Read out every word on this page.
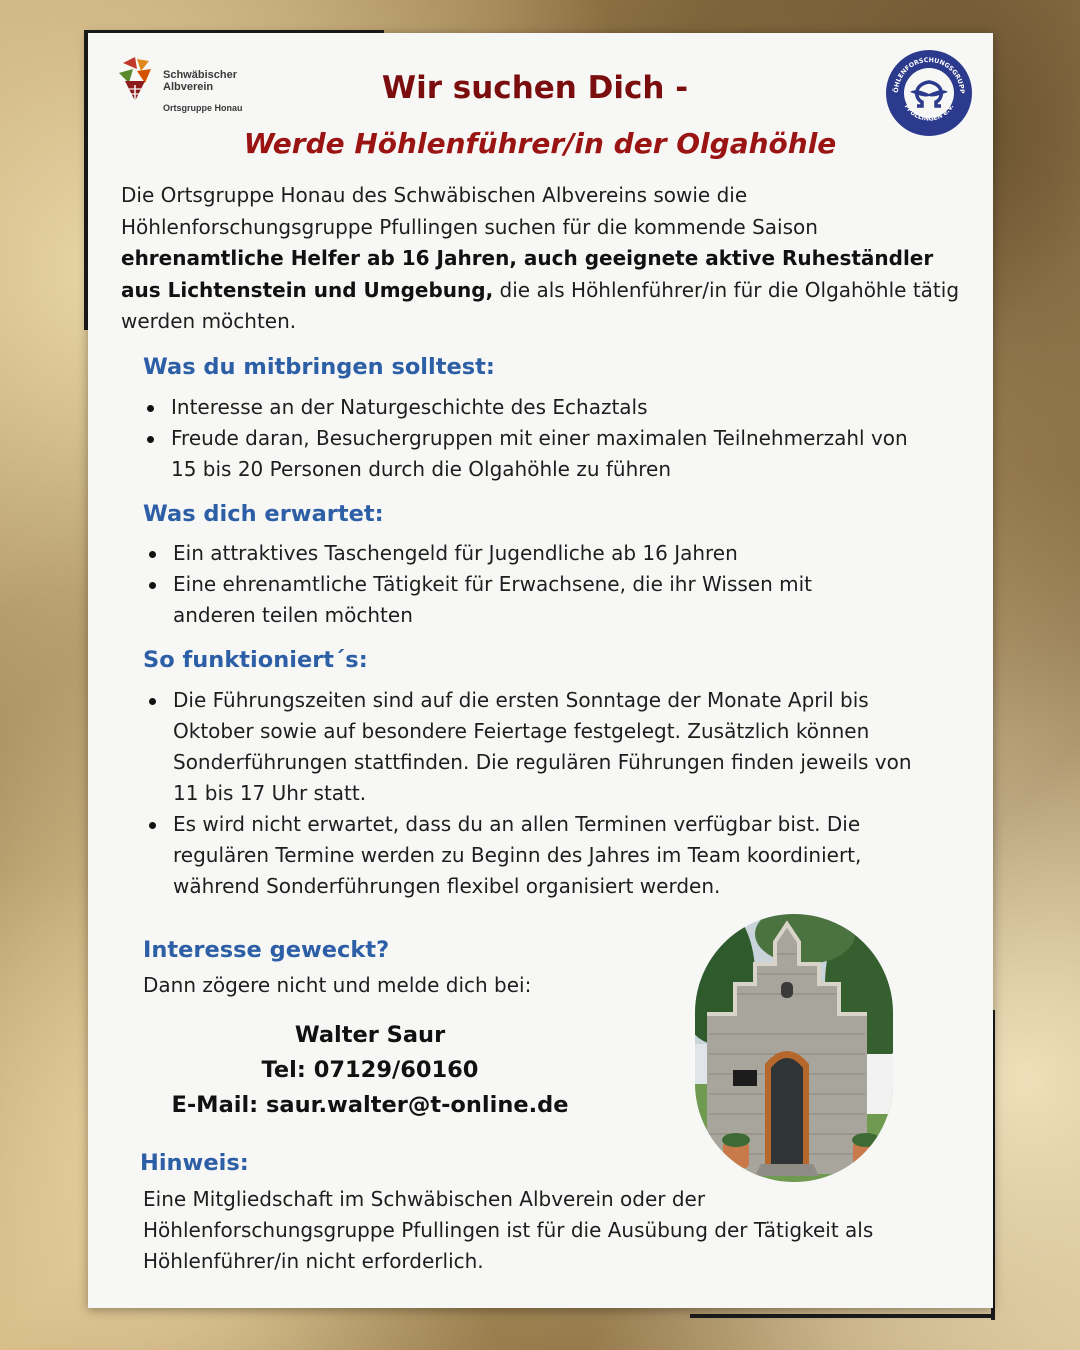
Schwäbischer
Albverein
Ortsgruppe Honau
ÖHLENFORSCHUNGSGRUPP
PFULLINGEN e.V.
Wir suchen Dich -
Werde Höhlenführer/in der Olgahöhle
Die Ortsgruppe Honau des Schwäbischen Albvereins sowie die Höhlenforschungsgruppe Pfullingen suchen für die kommende Saison ehrenamtliche Helfer ab 16 Jahren, auch geeignete aktive Ruheständler aus Lichtenstein und Umgebung, die als Höhlenführer/in für die Olgahöhle tätig werden möchten.
Was du mitbringen solltest:
Interesse an der Naturgeschichte des Echaztals
Freude daran, Besuchergruppen mit einer maximalen Teilnehmerzahl von 15 bis 20 Personen durch die Olgahöhle zu führen
Was dich erwartet:
Ein attraktives Taschengeld für Jugendliche ab 16 Jahren
Eine ehrenamtliche Tätigkeit für Erwachsene, die ihr Wissen mit anderen teilen möchten
So funktioniert´s:
Die Führungszeiten sind auf die ersten Sonntage der Monate April bis Oktober sowie auf besondere Feiertage festgelegt. Zusätzlich können Sonderführungen stattfinden. Die regulären Führungen finden jeweils von 11 bis 17 Uhr statt.
Es wird nicht erwartet, dass du an allen Terminen verfügbar bist. Die regulären Termine werden zu Beginn des Jahres im Team koordiniert, während Sonderführungen flexibel organisiert werden.
Interesse geweckt?
Dann zögere nicht und melde dich bei:
Walter Saur
Tel: 07129/60160
E-Mail: saur.walter@t-online.de
Hinweis:
Eine Mitgliedschaft im Schwäbischen Albverein oder der Höhlenforschungsgruppe Pfullingen ist für die Ausübung der Tätigkeit als Höhlenführer/in nicht erforderlich.
